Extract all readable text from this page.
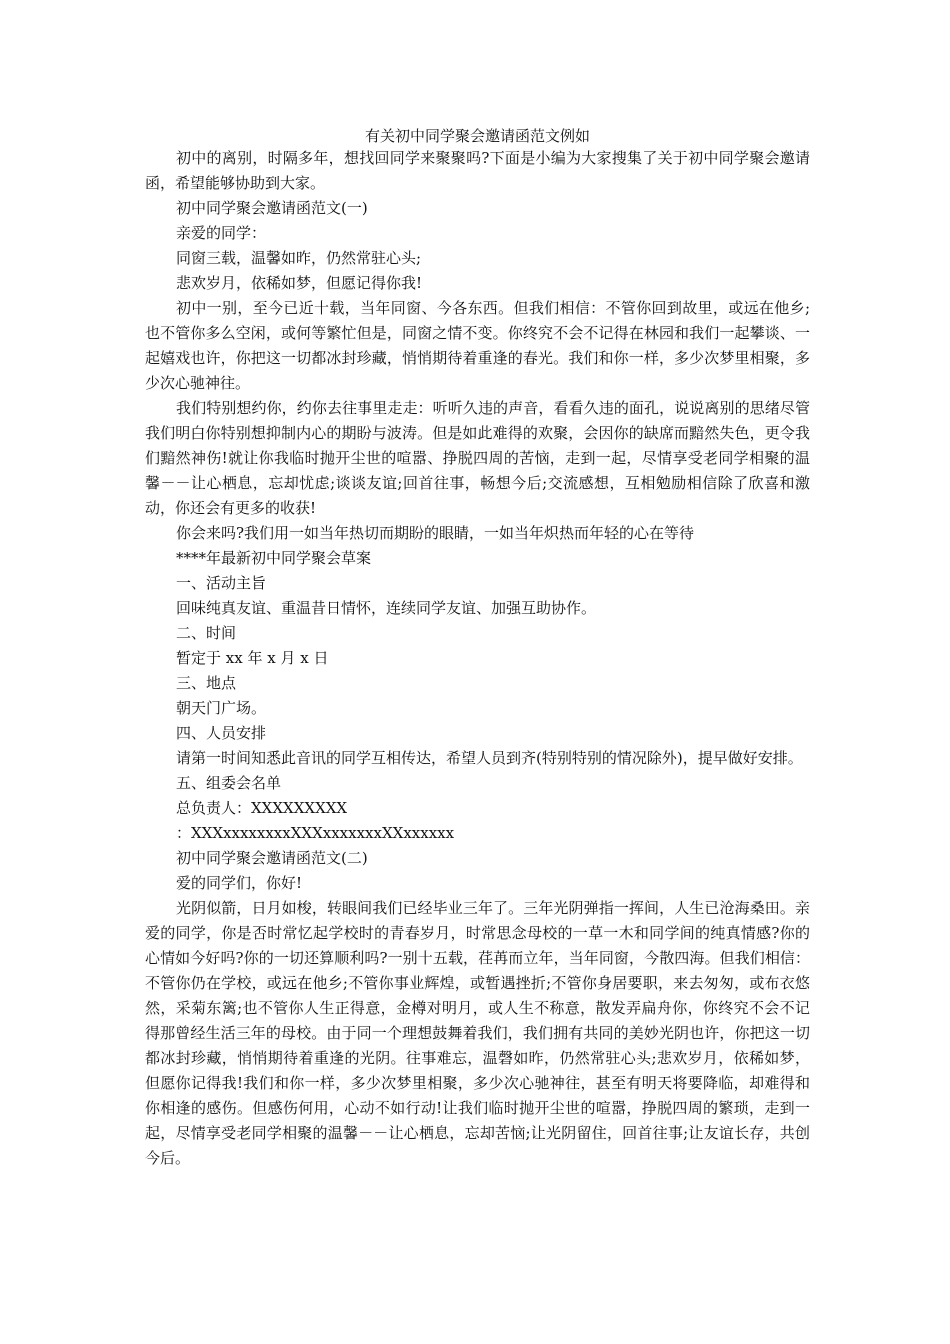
有关初中同学聚会邀请函范文例如

初中的离别，时隔多年，想找回同学来聚聚吗?下面是小编为大家搜集了关于初中同学聚会邀请函，希望能够协助到大家。

初中同学聚会邀请函范文(一)

亲爱的同学：

同窗三载，温馨如昨，仍然常驻心头;

悲欢岁月，依稀如梦，但愿记得你我!

初中一别，至今已近十载，当年同窗、今各东西。但我们相信：不管你回到故里，或远在他乡;也不管你多么空闲，或何等繁忙但是，同窗之情不变。你终究不会不记得在林园和我们一起攀谈、一起嬉戏也许，你把这一切都冰封珍藏，悄悄期待着重逢的春光。我们和你一样，多少次梦里相聚，多少次心驰神往。

我们特别想约你，约你去往事里走走：听听久违的声音，看看久违的面孔，说说离别的思绪尽管我们明白你特别想抑制内心的期盼与波涛。但是如此难得的欢聚，会因你的缺席而黯然失色，更令我们黯然神伤!就让你我临时抛开尘世的喧嚣、挣脱四周的苦恼，走到一起，尽情享受老同学相聚的温馨－－让心栖息，忘却忧虑;谈谈友谊;回首往事，畅想今后;交流感想，互相勉励相信除了欣喜和激动，你还会有更多的收获!

你会来吗?我们用一如当年热切而期盼的眼睛，一如当年炽热而年轻的心在等待

****年最新初中同学聚会草案

一、活动主旨

回味纯真友谊、重温昔日情怀，连续同学友谊、加强互助协作。

二、时间

暂定于 xx 年 x 月 x 日

三、地点

朝天门广场。

四、人员安排

请第一时间知悉此音讯的同学互相传达，希望人员到齐(特别特别的情况除外)，提早做好安排。

五、组委会名单

总负责人：XXXXXXXXX

：XXXxxxxxxxxXXXxxxxxxxXXxxxxxx

初中同学聚会邀请函范文(二)

爱的同学们，你好!

光阴似箭，日月如梭，转眼间我们已经毕业三年了。三年光阴弹指一挥间，人生已沧海桑田。亲爱的同学，你是否时常忆起学校时的青春岁月，时常思念母校的一草一木和同学间的纯真情感?你的心情如今好吗?你的一切还算顺利吗?一别十五载，荏苒而立年，当年同窗，今散四海。但我们相信：不管你仍在学校，或远在他乡;不管你事业辉煌，或暂遇挫折;不管你身居要职，来去匆匆，或布衣悠然，采菊东篱;也不管你人生正得意，金樽对明月，或人生不称意，散发弄扁舟你，你终究不会不记得那曾经生活三年的母校。由于同一个理想鼓舞着我们，我们拥有共同的美妙光阴也许，你把这一切都冰封珍藏，悄悄期待着重逢的光阴。往事难忘，温磬如昨，仍然常驻心头;悲欢岁月，依稀如梦，但愿你记得我!我们和你一样，多少次梦里相聚，多少次心驰神往，甚至有明天将要降临，却难得和你相逢的感伤。但感伤何用，心动不如行动!让我们临时抛开尘世的喧嚣，挣脱四周的繁琐，走到一起，尽情享受老同学相聚的温馨－－让心栖息，忘却苦恼;让光阴留住，回首往事;让友谊长存，共创今后。
